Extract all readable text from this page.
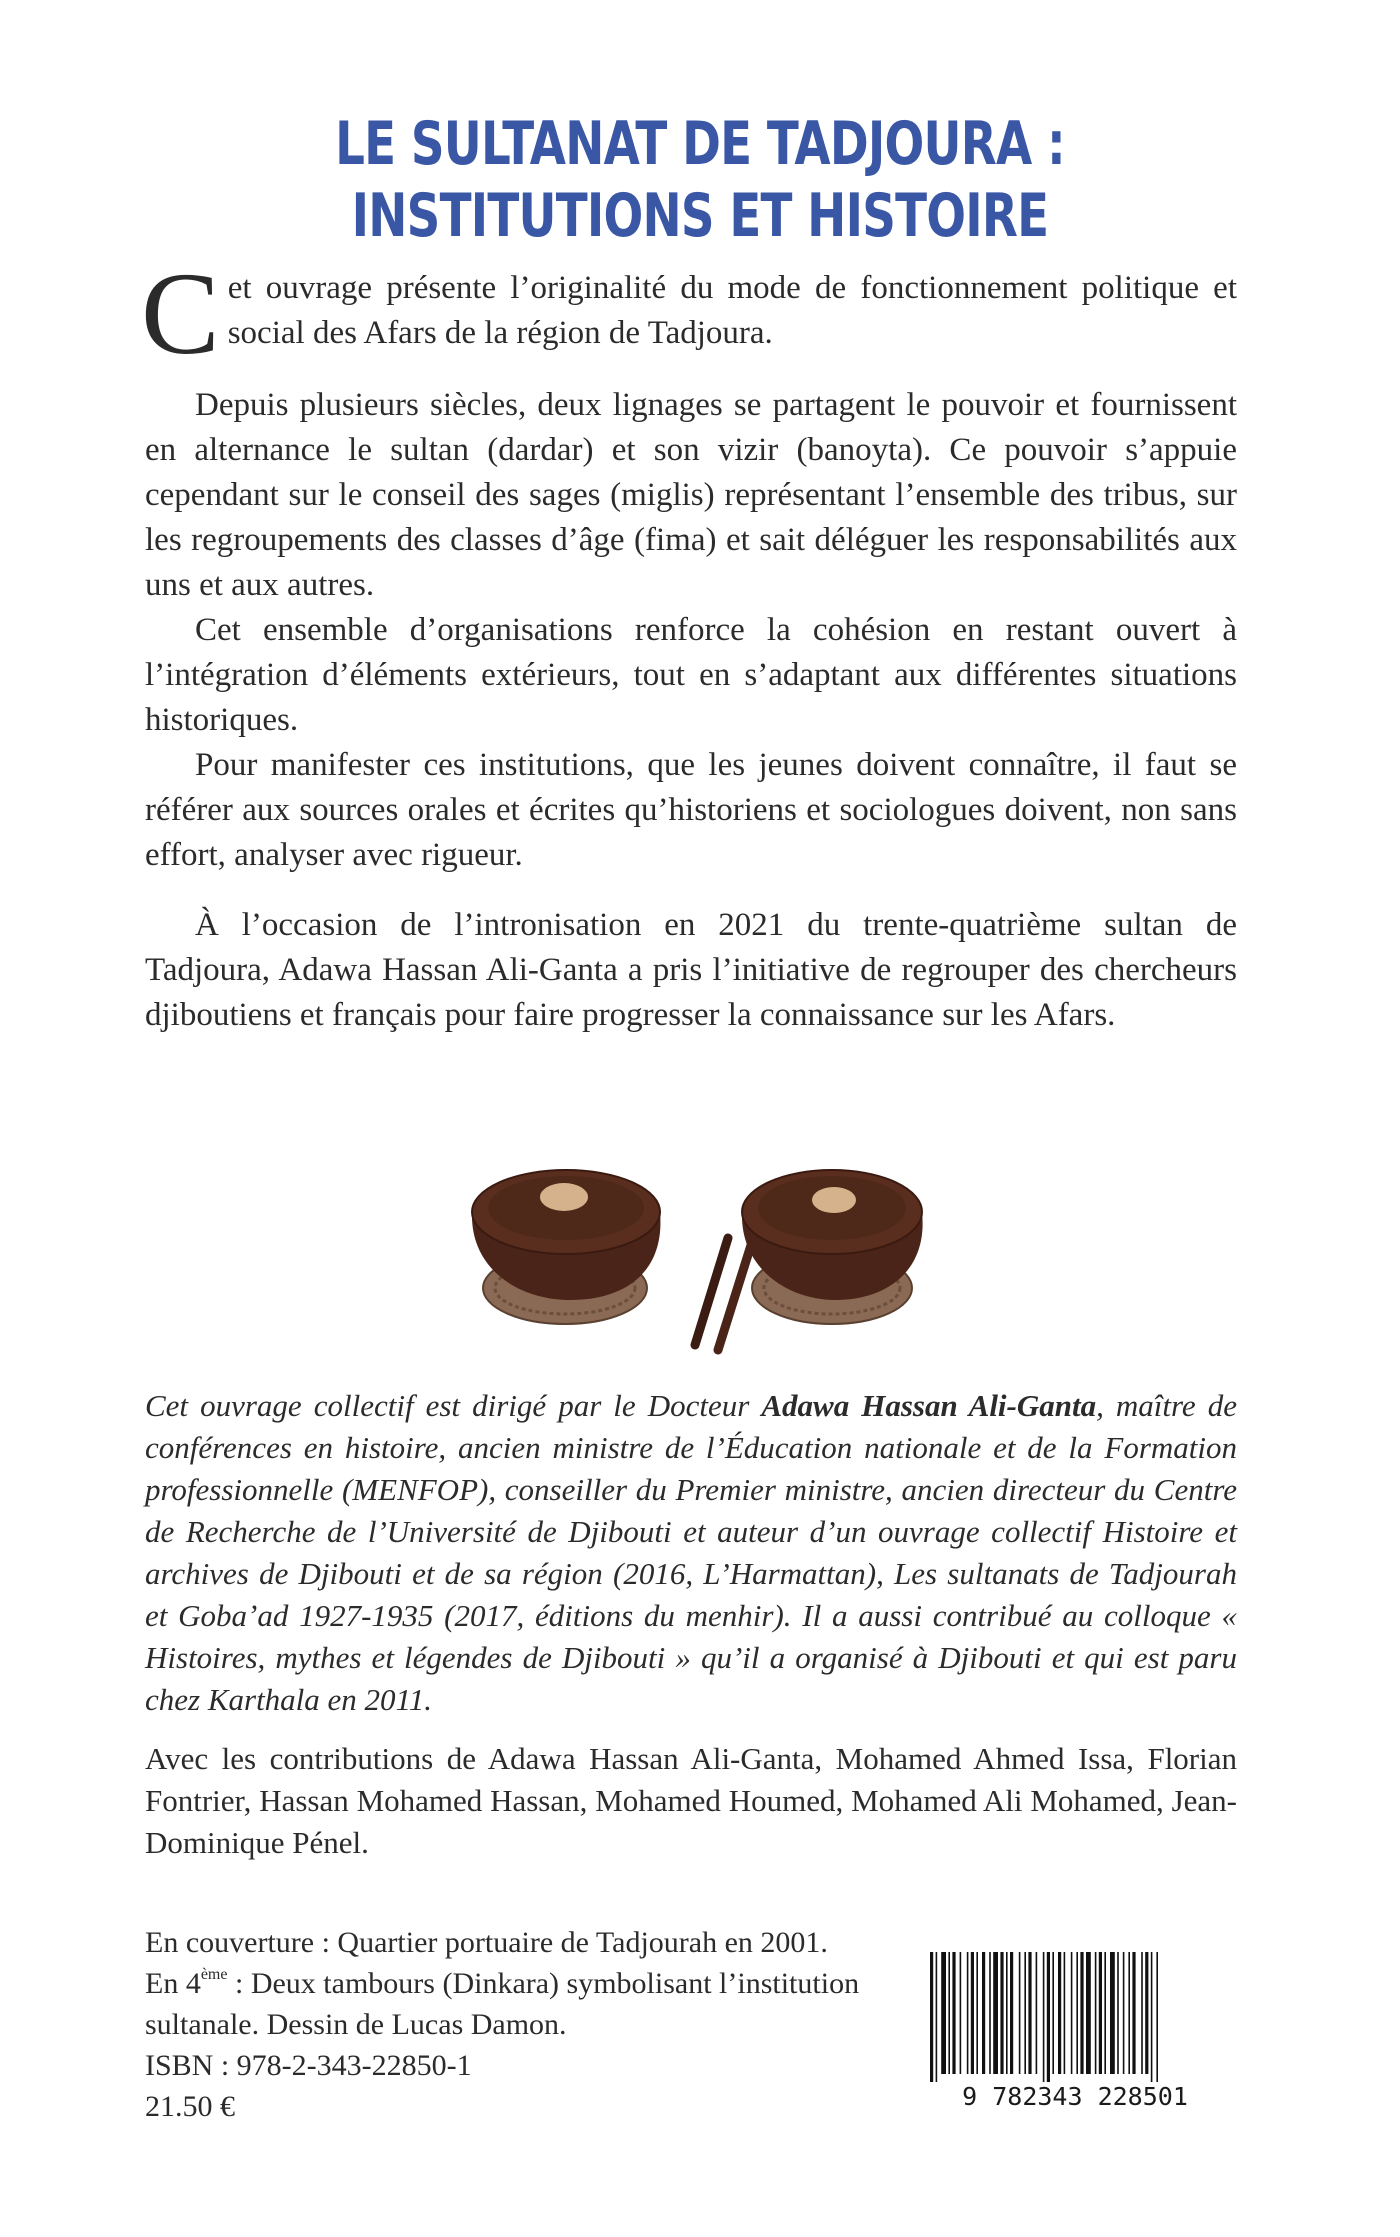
LE SULTANAT DE TADJOURA :
INSTITUTIONS ET HISTOIRE

Cet ouvrage présente l’originalité du mode de fonctionnement politique et social des Afars de la région de Tadjoura.

Depuis plusieurs siècles, deux lignages se partagent le pouvoir et fournissent en alternance le sultan (dardar) et son vizir (banoyta). Ce pouvoir s’appuie cependant sur le conseil des sages (miglis) représentant l’ensemble des tribus, sur les regroupements des classes d’âge (fima) et sait déléguer les responsabilités aux uns et aux autres.

Cet ensemble d’organisations renforce la cohésion en restant ouvert à l’intégration d’éléments extérieurs, tout en s’adaptant aux différentes situations historiques.

Pour manifester ces institutions, que les jeunes doivent connaître, il faut se référer aux sources orales et écrites qu’historiens et sociologues doivent, non sans effort, analyser avec rigueur.

À l’occasion de l’intronisation en 2021 du trente-quatrième sultan de Tadjoura, Adawa Hassan Ali-Ganta a pris l’initiative de regrouper des chercheurs djiboutiens et français pour faire progresser la connaissance sur les Afars.

Cet ouvrage collectif est dirigé par le Docteur Adawa Hassan Ali-Ganta, maître de conférences en histoire, ancien ministre de l’Éducation nationale et de la Formation professionnelle (MENFOP), conseiller du Premier ministre, ancien directeur du Centre de Recherche de l’Université de Djibouti et auteur d’un ouvrage collectif Histoire et archives de Djibouti et de sa région (2016, L’Harmattan), Les sultanats de Tadjourah et Gobaʼad 1927-1935 (2017, éditions du menhir). Il a aussi contribué au colloque « Histoires, mythes et légendes de Djibouti » qu’il a organisé à Djibouti et qui est paru chez Karthala en 2011.

Avec les contributions de Adawa Hassan Ali-Ganta, Mohamed Ahmed Issa, Florian Fontrier, Hassan Mohamed Hassan, Mohamed Houmed, Mohamed Ali Mohamed, Jean-Dominique Pénel.

En couverture : Quartier portuaire de Tadjourah en 2001.
En 4ème : Deux tambours (Dinkara) symbolisant l’institution
sultanale. Dessin de Lucas Damon.
ISBN : 978-2-343-22850-1
21.50 €	9 782343 228501
